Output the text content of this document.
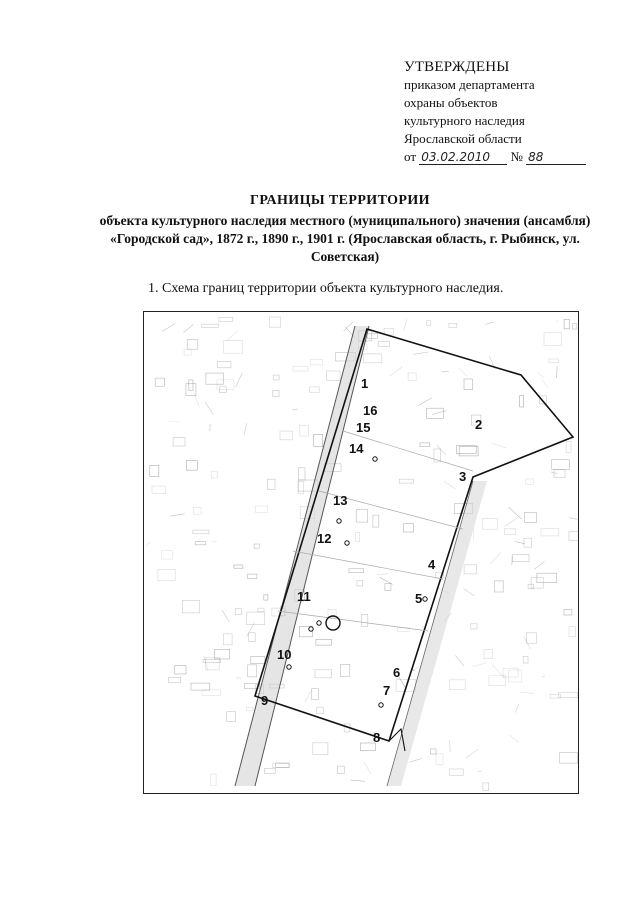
УТВЕРЖДЕНЫ
приказом департамента
охраны объектов
культурного наследия
Ярославской области
от 03.02.2010 № 88
ГРАНИЦЫ ТЕРРИТОРИИ
объекта культурного наследия местного (муниципального) значения (ансамбля) «Городской сад», 1872 г., 1890 г., 1901 г. (Ярославская область, г. Рыбинск, ул. Советская)
1. Схема границ территории объекта культурного наследия.
1
2
3
4
5
6
7
8
9
10
11
12
13
14
15
16
